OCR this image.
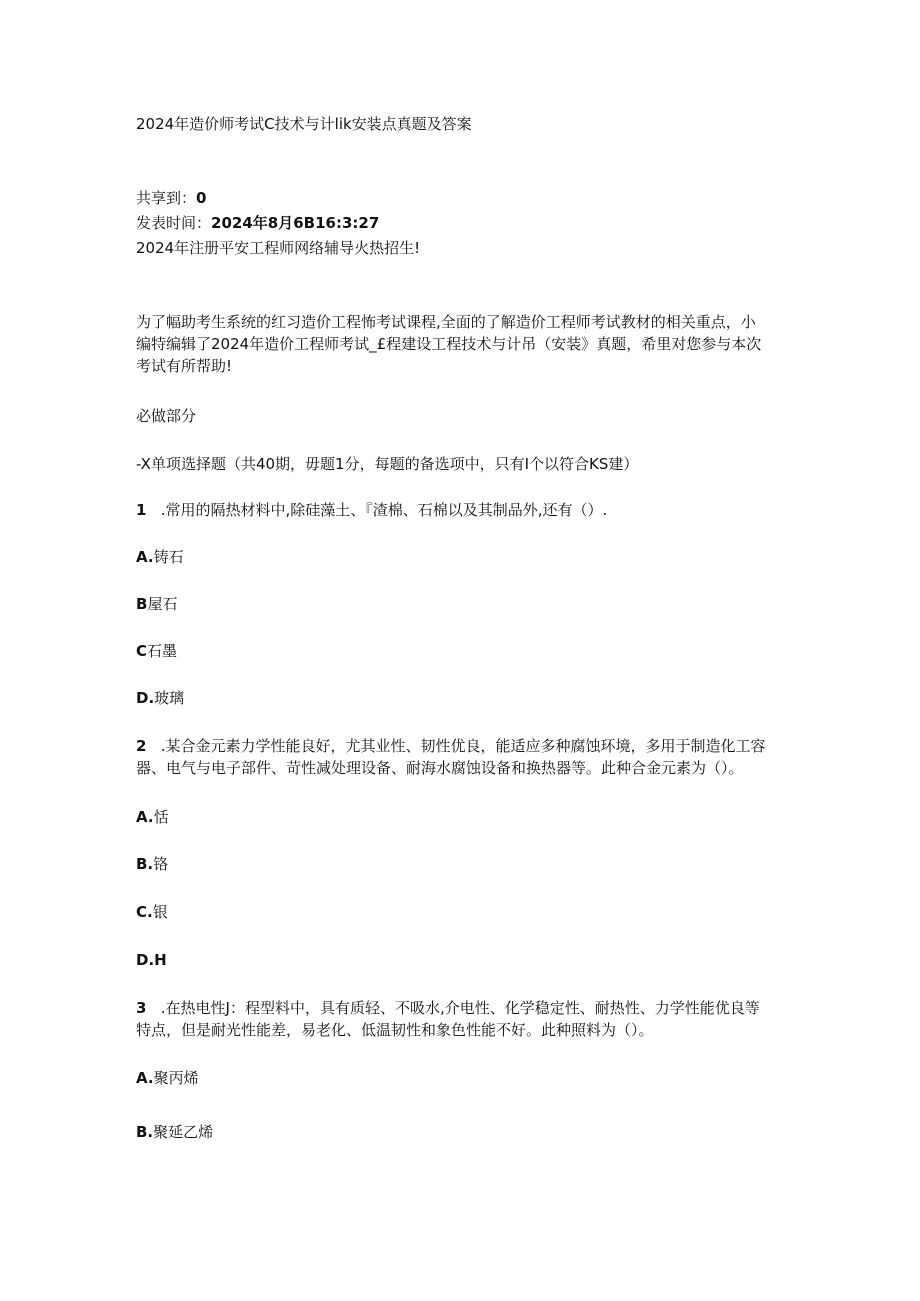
2024年造价师考试C技术与计lik安装点真题及答案
共享到：0
发表时间：2024年8月6B16:3:27
2024年注册平安工程师网络辅导火热招生!

为了幅助考生系统的红习造价工程怖考试课程,全面的了解造价工程师考试教材的相关重点，小

编特编辑了2024年造价工程师考试_£程建设工程技术与计吊（安装》真题，希里对您参与本次

考试有所帮助!

必做部分
-X单项选择题（共40期，毋题1分，每题的备选项中，只有I个以符合KS建）
1 .常用的隔热材料中,除硅藻土、『渣棉、石棉以及其制品外,还有（）.
A.铸石
B屋石
C石墨
D.玻璃

2 .某合金元素力学性能良好，尤其业性、韧性优良，能适应多种腐蚀环境，多用于制造化工容

器、电气与电子部件、苛性减处理设备、耐海水腐蚀设备和换热器等。此种合金元素为（）。

A.恬
B.铬
C.银
D.H

3 .在热电性J：程型料中，具有质轻、不吸水,介电性、化学稳定性、耐热性、力学性能优良等

特点，但是耐光性能差，易老化、低温韧性和象色性能不好。此种照料为（）。

A.聚丙烯
B.聚延乙烯
